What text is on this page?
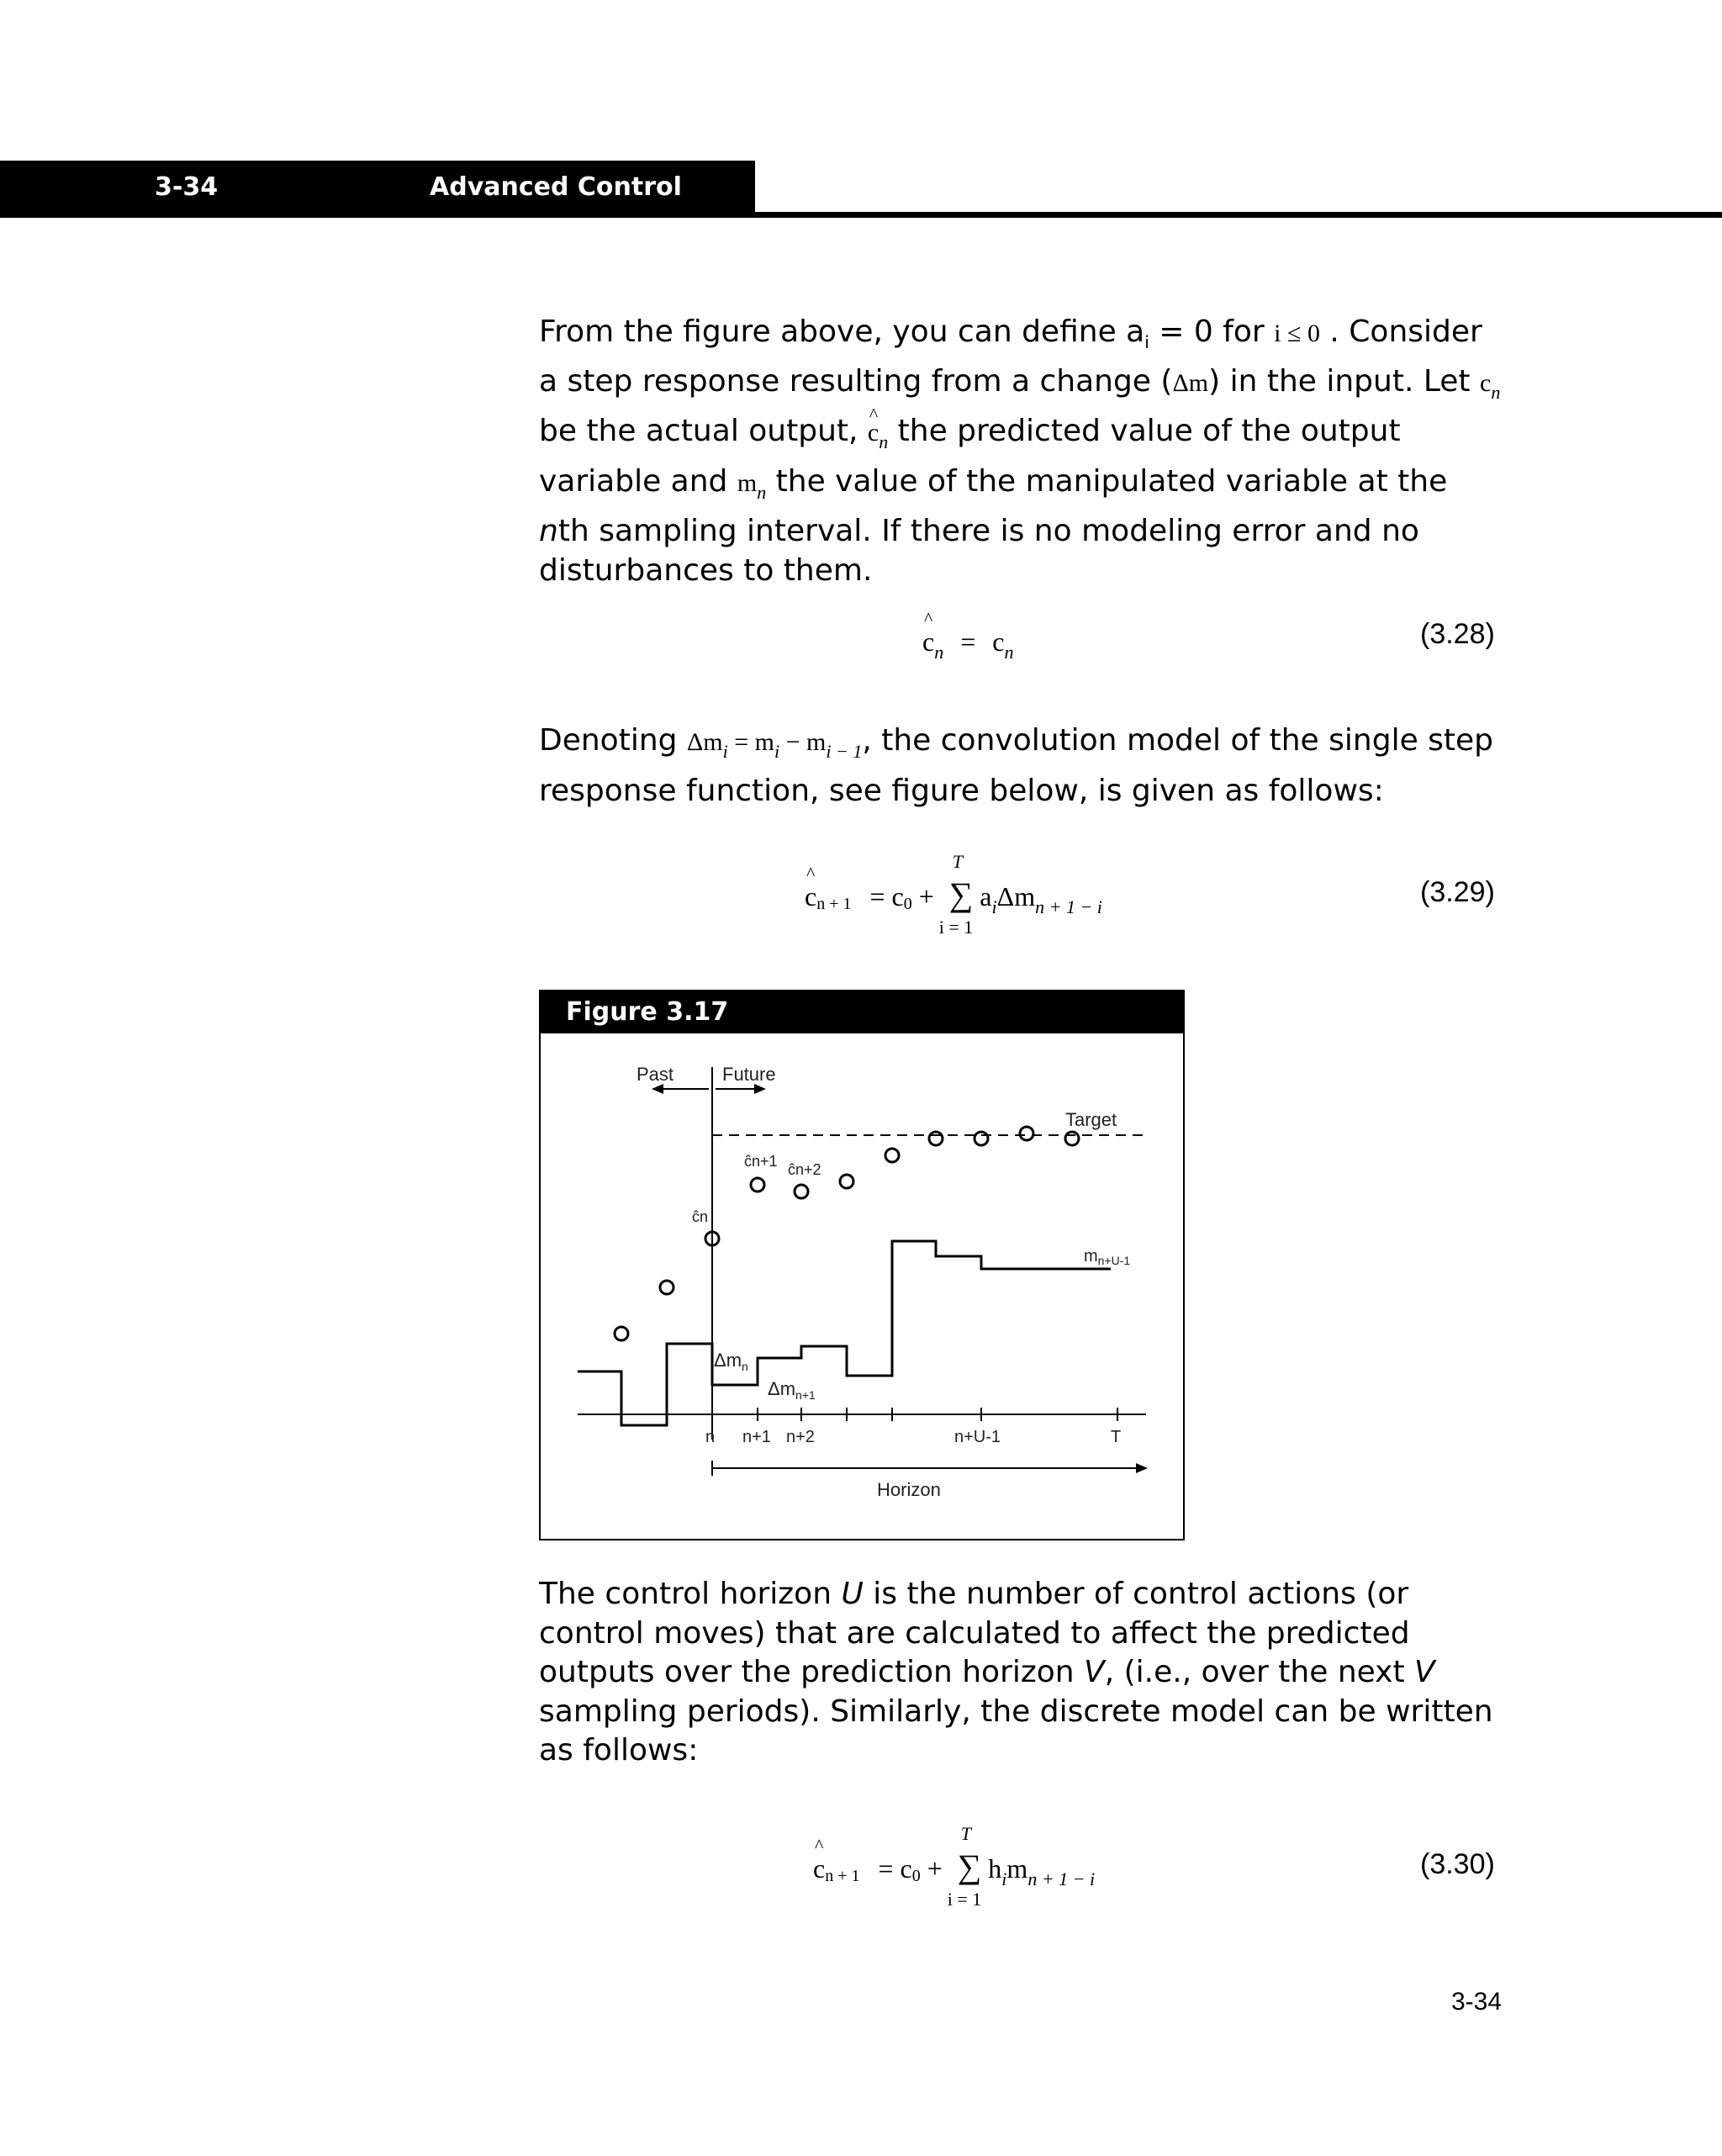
3-34	Advanced Control
From the figure above, you can define $a_i = 0$ for i ≤ 0 . Consider a step response resulting from a change (Δm) in the input. Let $c_n$ be the actual output, ^ $c_n$ the predicted value of the output variable and $m_n$ the value of the manipulated variable at the nth sampling interval. If there is no modeling error and no disturbances to them.
^ $c_n = c_n$
(3.28)
Denoting $\Delta m_i = m_i - m_{i - 1}$, the convolution model of the single step response function, see figure below, is given as follows:
^ cn + 1 = c0 +
T
∑
i = 1
$a_i\Delta m_{n + 1 - i}$	(3.29)
Figure 3.17
Past	Future
Target
ĉn
ĉn+1 ĉn+2
$m_{n+U-1}$
$\Delta m_n$
$\Delta m_{n+1}$
n n+1 n+2	n+U-1	T
Horizon
The control horizon U is the number of control actions (or control moves) that are calculated to affect the predicted outputs over the prediction horizon V, (i.e., over the next V sampling periods). Similarly, the discrete model can be written as follows:
^ cn + 1 = c0 +
T
∑
i = 1
$h_im_{n + 1 - i}$	(3.30)
3-34
